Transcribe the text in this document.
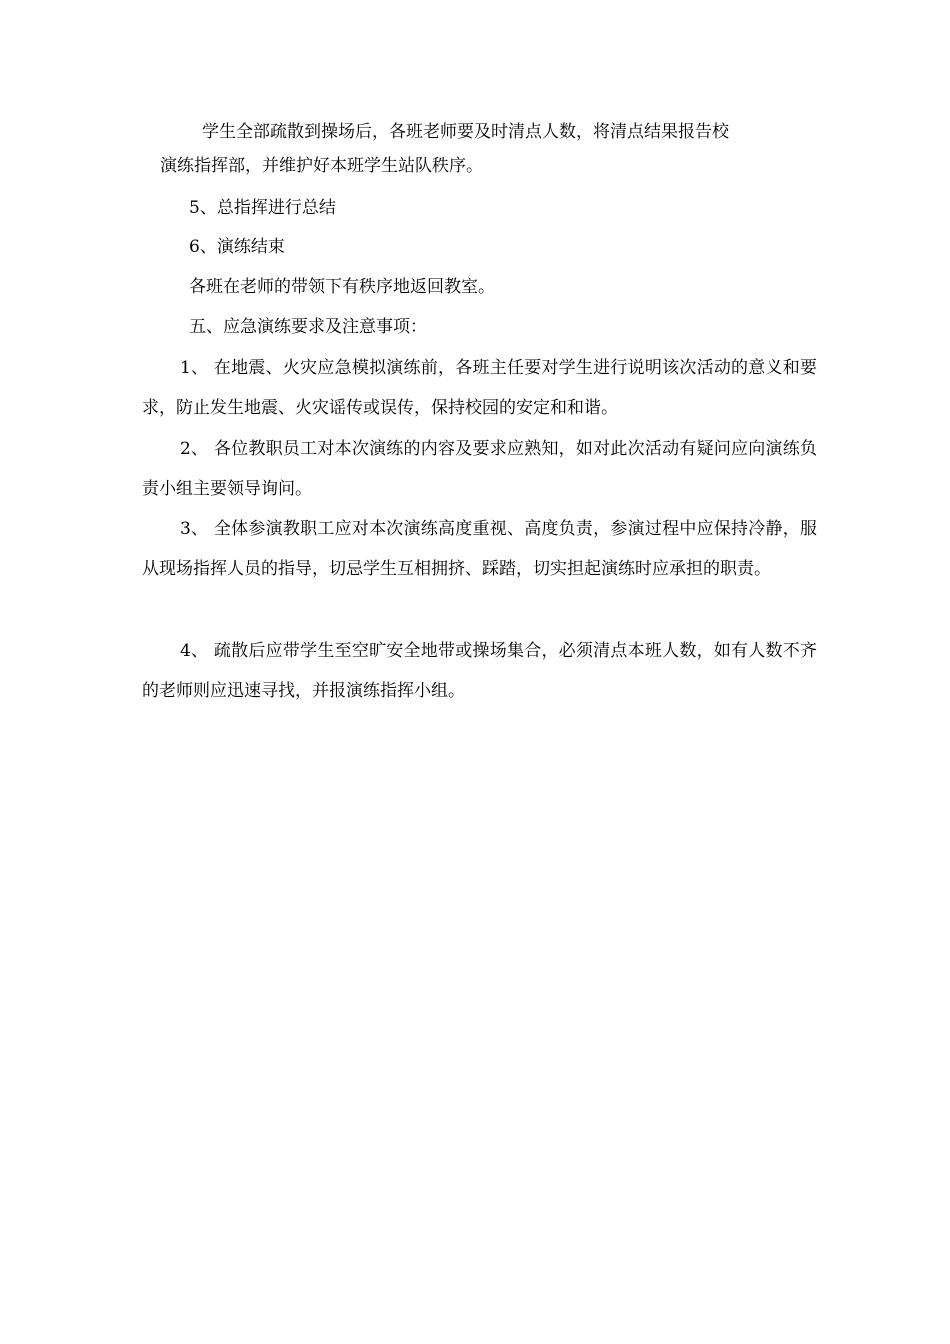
学生全部疏散到操场后，各班老师要及时清点人数，将清点结果报告校

演练指挥部，并维护好本班学生站队秩序。

5、总指挥进行总结

6、演练结束

各班在老师的带领下有秩序地返回教室。

五、应急演练要求及注意事项：

1、 在地震、火灾应急模拟演练前，各班主任要对学生进行说明该次活动的意义和要求，防止发生地震、火灾谣传或误传，保持校园的安定和和谐。

2、 各位教职员工对本次演练的内容及要求应熟知，如对此次活动有疑问应向演练负责小组主要领导询问。

3、 全体参演教职工应对本次演练高度重视、高度负责，参演过程中应保持冷静，服从现场指挥人员的指导，切忌学生互相拥挤、踩踏，切实担起演练时应承担的职责。

4、 疏散后应带学生至空旷安全地带或操场集合，必须清点本班人数，如有人数不齐的老师则应迅速寻找，并报演练指挥小组。
